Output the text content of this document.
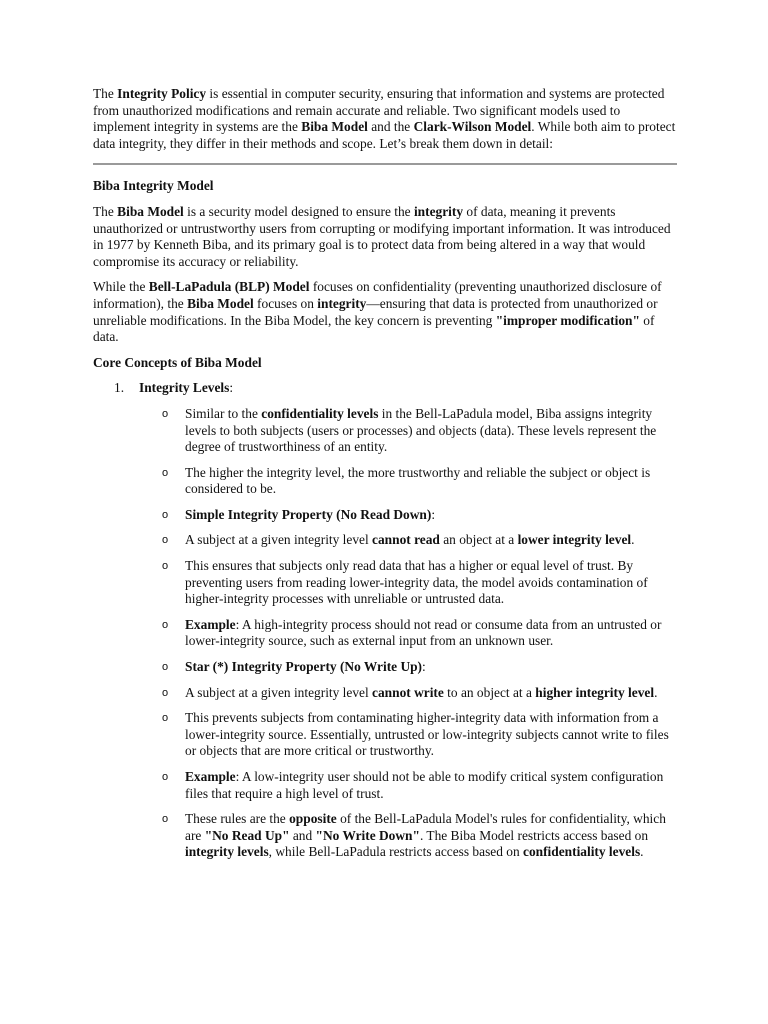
The Integrity Policy is essential in computer security, ensuring that information and systems are protected from unauthorized modifications and remain accurate and reliable. Two significant models used to implement integrity in systems are the Biba Model and the Clark-Wilson Model. While both aim to protect data integrity, they differ in their methods and scope. Let’s break them down in detail:

Biba Integrity Model

The Biba Model is a security model designed to ensure the integrity of data, meaning it prevents unauthorized or untrustworthy users from corrupting or modifying important information. It was introduced in 1977 by Kenneth Biba, and its primary goal is to protect data from being altered in a way that would compromise its accuracy or reliability.

While the Bell-LaPadula (BLP) Model focuses on confidentiality (preventing unauthorized disclosure of information), the Biba Model focuses on integrity—ensuring that data is protected from unauthorized or unreliable modifications. In the Biba Model, the key concern is preventing "improper modification" of data.

Core Concepts of Biba Model

1. Integrity Levels:
o Similar to the confidentiality levels in the Bell-LaPadula model, Biba assigns integrity levels to both subjects (users or processes) and objects (data). These levels represent the degree of trustworthiness of an entity.
o The higher the integrity level, the more trustworthy and reliable the subject or object is considered to be.
o Simple Integrity Property (No Read Down):
o A subject at a given integrity level cannot read an object at a lower integrity level.
o This ensures that subjects only read data that has a higher or equal level of trust. By preventing users from reading lower-integrity data, the model avoids contamination of higher-integrity processes with unreliable or untrusted data.
o Example: A high-integrity process should not read or consume data from an untrusted or lower-integrity source, such as external input from an unknown user.
o Star (*) Integrity Property (No Write Up):
o A subject at a given integrity level cannot write to an object at a higher integrity level.
o This prevents subjects from contaminating higher-integrity data with information from a lower-integrity source. Essentially, untrusted or low-integrity subjects cannot write to files or objects that are more critical or trustworthy.
o Example: A low-integrity user should not be able to modify critical system configuration files that require a high level of trust.
o These rules are the opposite of the Bell-LaPadula Model's rules for confidentiality, which are "No Read Up" and "No Write Down". The Biba Model restricts access based on integrity levels, while Bell-LaPadula restricts access based on confidentiality levels.
